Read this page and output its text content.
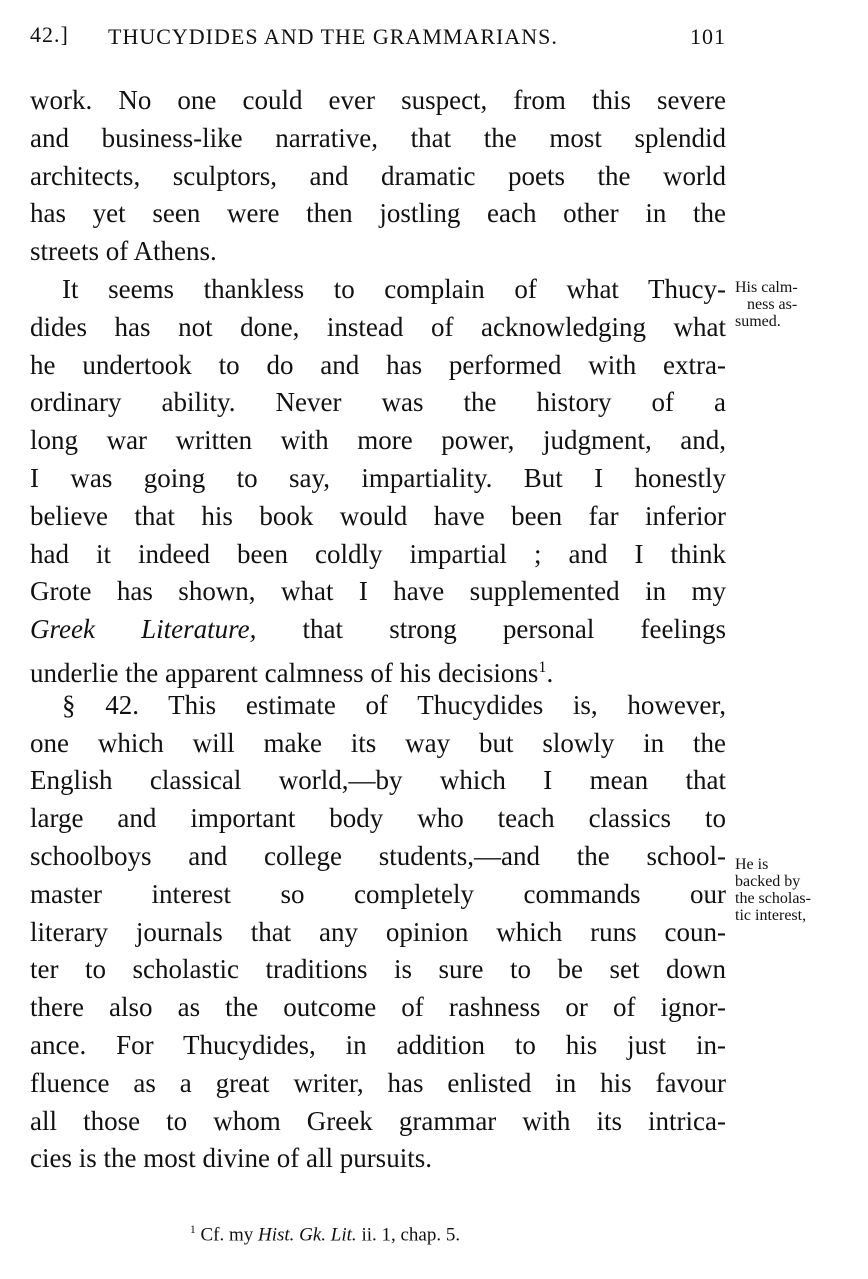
42.] THUCYDIDES AND THE GRAMMARIANS.	101
work. No one could ever suspect, from this severe
and business-like narrative, that the most splendid
architects, sculptors, and dramatic poets the world
has yet seen were then jostling each other in the
streets of Athens.
It seems thankless to complain of what Thucy-
dides has not done, instead of acknowledging what
he undertook to do and has performed with extra-
ordinary ability. Never was the history of a
long war written with more power, judgment, and,
I was going to say, impartiality. But I honestly
believe that his book would have been far inferior
had it indeed been coldly impartial ; and I think
Grote has shown, what I have supplemented in my
Greek Literature, that strong personal feelings
underlie the apparent calmness of his decisions$^1$.
§ 42. This estimate of Thucydides is, however,
one which will make its way but slowly in the
English classical world,—by which I mean that
large and important body who teach classics to
schoolboys and college students,—and the school-
master interest so completely commands our
literary journals that any opinion which runs coun-
ter to scholastic traditions is sure to be set down
there also as the outcome of rashness or of ignor-
ance. For Thucydides, in addition to his just in-
fluence as a great writer, has enlisted in his favour
all those to whom Greek grammar with its intrica-
cies is the most divine of all pursuits.
His calm-
ness as-
sumed.
He is
backed by
the scholas-
tic interest,
$^1$ Cf. my Hist. Gk. Lit. ii. 1, chap. 5.
